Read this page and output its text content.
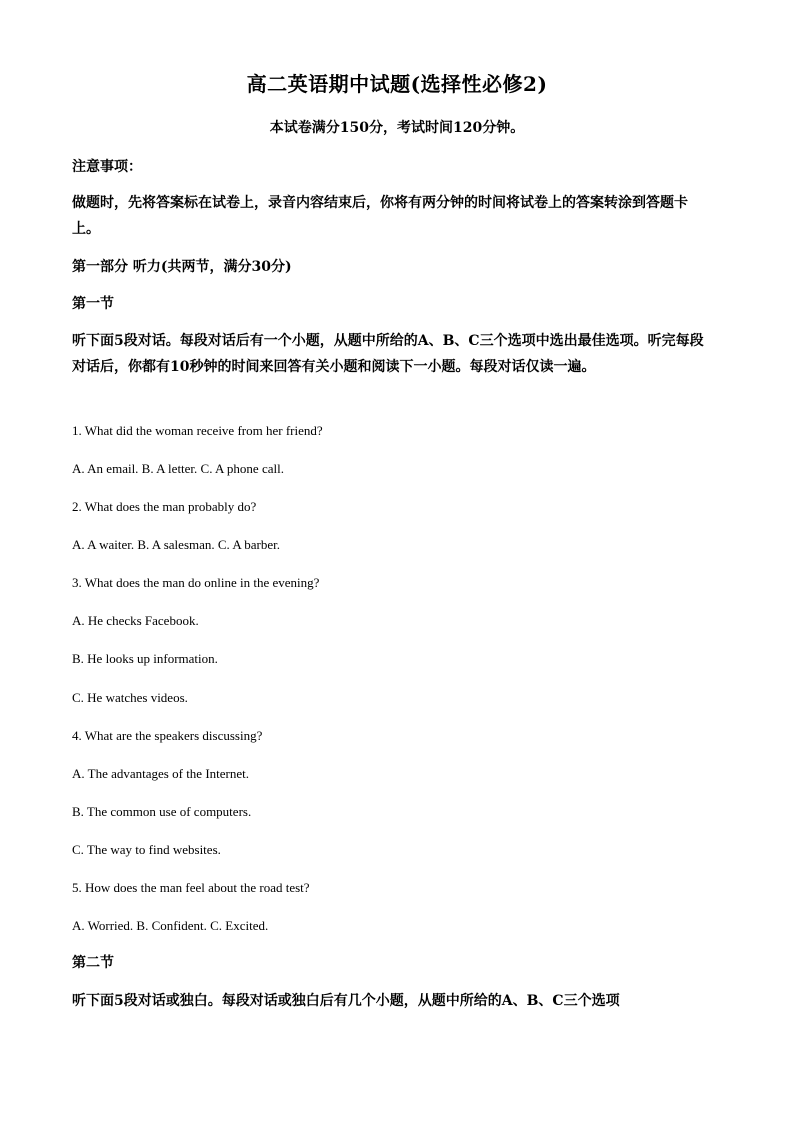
高二英语期中试题(选择性必修2)
本试卷满分150分，考试时间120分钟。
注意事项：
做题时，先将答案标在试卷上，录音内容结束后，你将有两分钟的时间将试卷上的答案转涂到答题卡上。
第一部分 听力(共两节，满分30分)
第一节
听下面5段对话。每段对话后有一个小题，从题中所给的A、B、C三个选项中选出最佳选项。听完每段对话后，你都有10秒钟的时间来回答有关小题和阅读下一小题。每段对话仅读一遍。
1. What did the woman receive from her friend?
A. An email. B. A letter. C. A phone call.
2. What does the man probably do?
A. A waiter. B. A salesman. C. A barber.
3. What does the man do online in the evening?
A. He checks Facebook.
B. He looks up information.
C. He watches videos.
4. What are the speakers discussing?
A. The advantages of the Internet.
B. The common use of computers.
C. The way to find websites.
5. How does the man feel about the road test?
A. Worried. B. Confident. C. Excited.
第二节
听下面5段对话或独白。每段对话或独白后有几个小题，从题中所给的A、B、C三个选项
